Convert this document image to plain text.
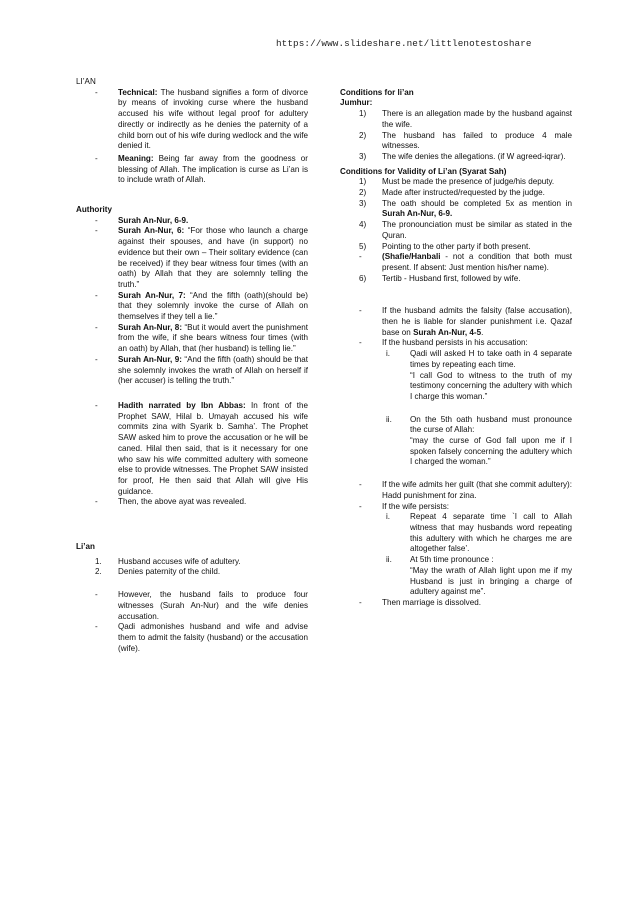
https://www.slideshare.net/littlenotestoshare
LI’AN
-	Technical: The husband signifies a form of divorce by means of invoking curse where the husband accused his wife without legal proof for adultery directly or indirectly as he denies the paternity of a child born out of his wife during wedlock and the wife denied it.
-	Meaning: Being far away from the goodness or blessing of Allah. The implication is curse as Li’an is to include wrath of Allah.
Authority
-	Surah An-Nur, 6-9.
-	Surah An-Nur, 6: “For those who launch a charge against their spouses, and have (in support) no evidence but their own – Their solitary evidence (can be received) if they bear witness four times (with an oath) by Allah that they are solemnly telling the truth.”
-	Surah An-Nur, 7: “And the fifth (oath)(should be) that they solemnly invoke the curse of Allah on themselves if they tell a lie.”
-	Surah An-Nur, 8: “But it would avert the punishment from the wife, if she bears witness four times (with an oath) by Allah, that (her husband) is telling lie.”
-	Surah An-Nur, 9: “And the fifth (oath) should be that she solemnly invokes the wrath of Allah on herself if (her accuser) is telling the truth.”
-	Hadith narrated by Ibn Abbas: In front of the Prophet SAW, Hilal b. Umayah accused his wife commits zina with Syarik b. Samha’. The Prophet SAW asked him to prove the accusation or he will be caned. Hilal then said, that is it necessary for one who saw his wife committed adultery with someone else to provide witnesses. The Prophet SAW insisted for proof, He then said that Allah will give His guidance.
-	Then, the above ayat was revealed.
Li’an
1. Husband accuses wife of adultery.
2. Denies paternity of the child.
-	However, the husband fails to produce four witnesses (Surah An-Nur) and the wife denies accusation.
-	Qadi admonishes husband and wife and advise them to admit the falsity (husband) or the accusation (wife).
Conditions for li’an
Jumhur:
1) There is an allegation made by the husband against the wife.
2) The husband has failed to produce 4 male witnesses.
3) The wife denies the allegations. (if W agreed-iqrar).
Conditions for Validity of Li’an (Syarat Sah)
1) Must be made the presence of judge/his deputy.
2) Made after instructed/requested by the judge.
3) The oath should be completed 5x as mention in Surah An-Nur, 6-9.
4) The pronounciation must be similar as stated in the Quran.
5) Pointing to the other party if both present.
-	(Shafie/Hanbali - not a condition that both must present. If absent: Just mention his/her name).
6) Tertib - Husband first, followed by wife.
-	If the husband admits the falsity (false accusation), then he is liable for slander punishment i.e. Qazaf base on Surah An-Nur, 4-5.
-	If the husband persists in his accusation:
i. Qadi will asked H to take oath in 4 separate times by repeating each time.
“I call God to witness to the truth of my testimony concerning the adultery with which I charge this woman.”
ii. On the 5th oath husband must pronounce the curse of Allah:
“may the curse of God fall upon me if I spoken falsely concerning the adultery which I charged the woman.”
-	If the wife admits her guilt (that she commit adultery): Hadd punishment for zina.
-	If the wife persists:
i. Repeat 4 separate time `I call to Allah witness that may husbands word repeating this adultery with which he charges me are altogether false’.
ii. At 5th time pronounce :
“May the wrath of Allah light upon me if my Husband is just in bringing a charge of adultery against me”.
-	Then marriage is dissolved.
